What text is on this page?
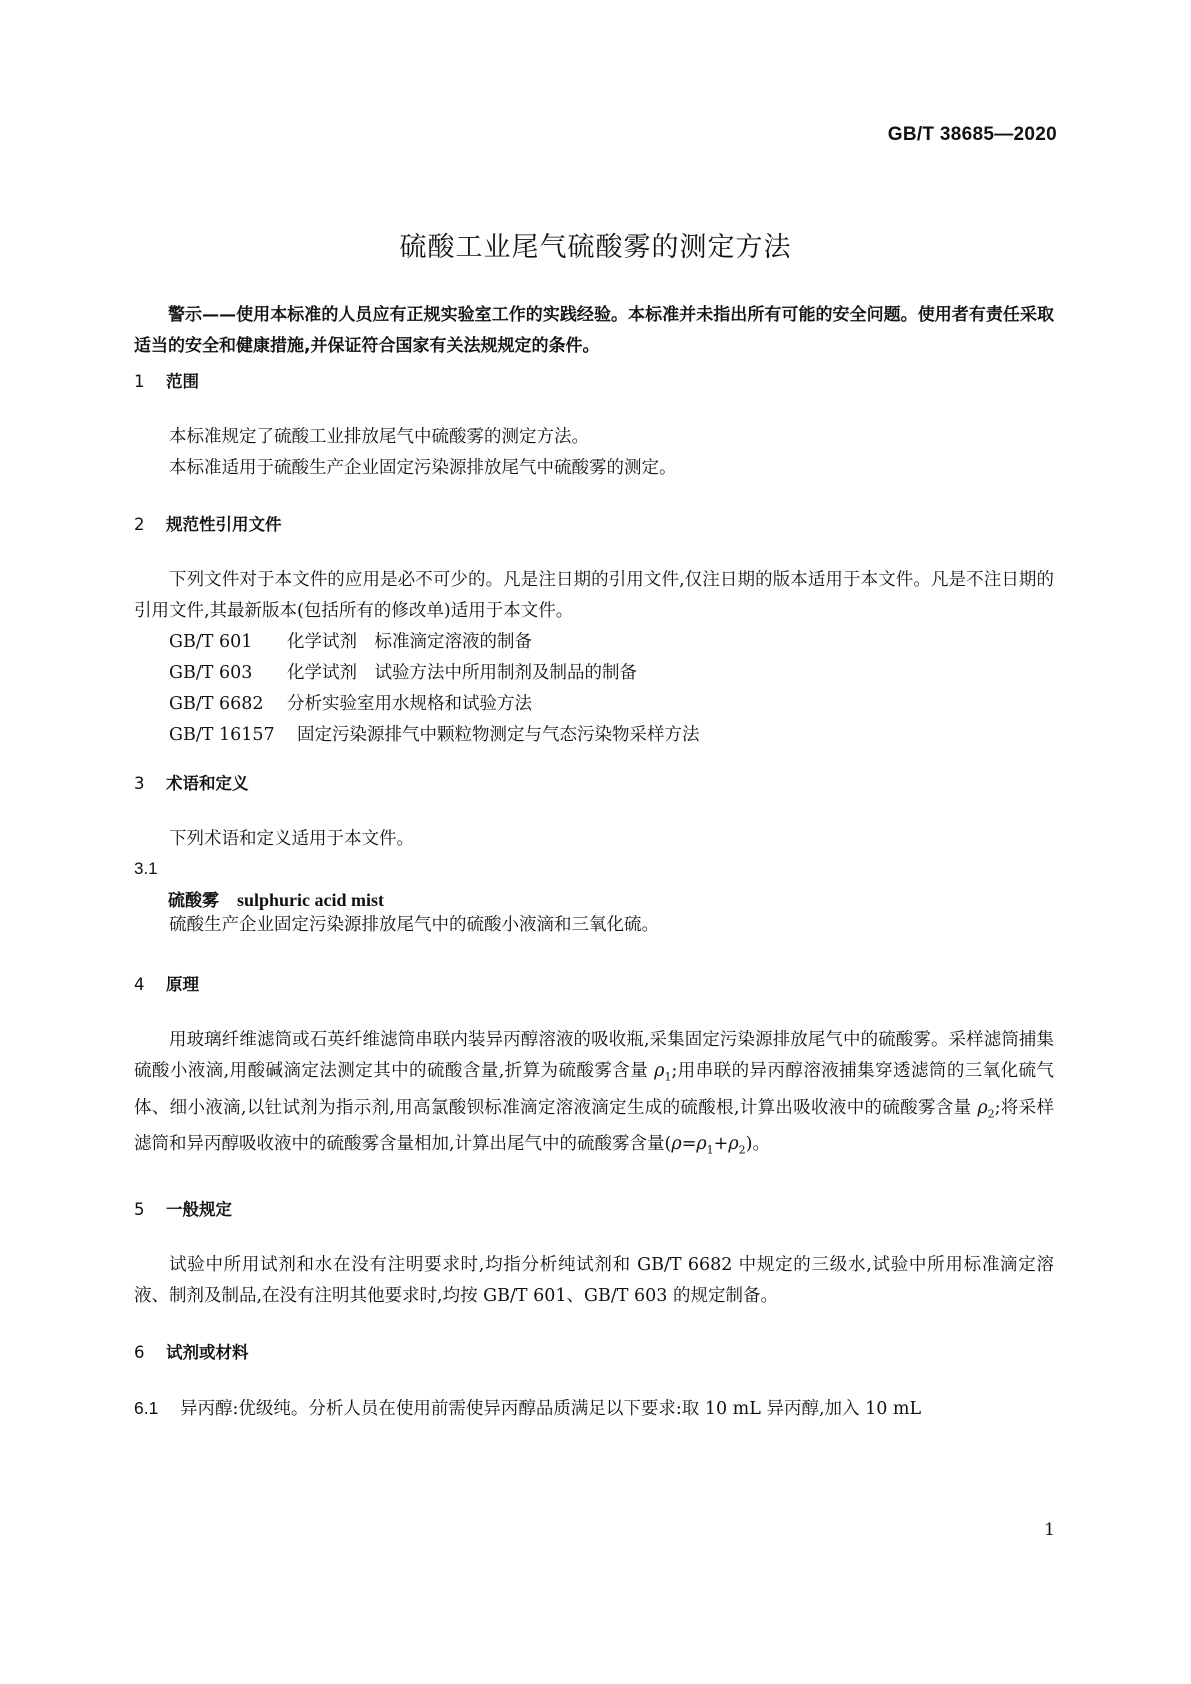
GB/T 38685—2020
硫酸工业尾气硫酸雾的测定方法

警示——使用本标准的人员应有正规实验室工作的实践经验。本标准并未指出所有可能的安全问题。使用者有责任采取适当的安全和健康措施,并保证符合国家有关法规规定的条件。

1 范围
本标准规定了硫酸工业排放尾气中硫酸雾的测定方法。
本标准适用于硫酸生产企业固定污染源排放尾气中硫酸雾的测定。
2 规范性引用文件

下列文件对于本文件的应用是必不可少的。凡是注日期的引用文件,仅注日期的版本适用于本文件。凡是不注日期的引用文件,其最新版本(包括所有的修改单)适用于本文件。

GB/T 601 化学试剂　标准滴定溶液的制备
GB/T 603 化学试剂　试验方法中所用制剂及制品的制备
GB/T 6682 分析实验室用水规格和试验方法
GB/T 16157 固定污染源排气中颗粒物测定与气态污染物采样方法
3 术语和定义
下列术语和定义适用于本文件。
3.1
硫酸雾 sulphuric acid mist
硫酸生产企业固定污染源排放尾气中的硫酸小液滴和三氧化硫。
4 原理

用玻璃纤维滤筒或石英纤维滤筒串联内装异丙醇溶液的吸收瓶,采集固定污染源排放尾气中的硫酸雾。采样滤筒捕集硫酸小液滴,用酸碱滴定法测定其中的硫酸含量,折算为硫酸雾含量 $\rho_1$;用串联的异丙醇溶液捕集穿透滤筒的三氧化硫气体、细小液滴,以钍试剂为指示剂,用高氯酸钡标准滴定溶液滴定生成的硫酸根,计算出吸收液中的硫酸雾含量 $\rho_2$;将采样滤筒和异丙醇吸收液中的硫酸雾含量相加,计算出尾气中的硫酸雾含量$(\rho=\rho_1+\rho_2)$。

5 一般规定

试验中所用试剂和水在没有注明要求时,均指分析纯试剂和 GB/T 6682 中规定的三级水,试验中所用标准滴定溶液、制剂及制品,在没有注明其他要求时,均按 GB/T 601、GB/T 603 的规定制备。

6 试剂或材料
6.1 异丙醇:优级纯。分析人员在使用前需使异丙醇品质满足以下要求:取 10 mL 异丙醇,加入 10 mL
1
